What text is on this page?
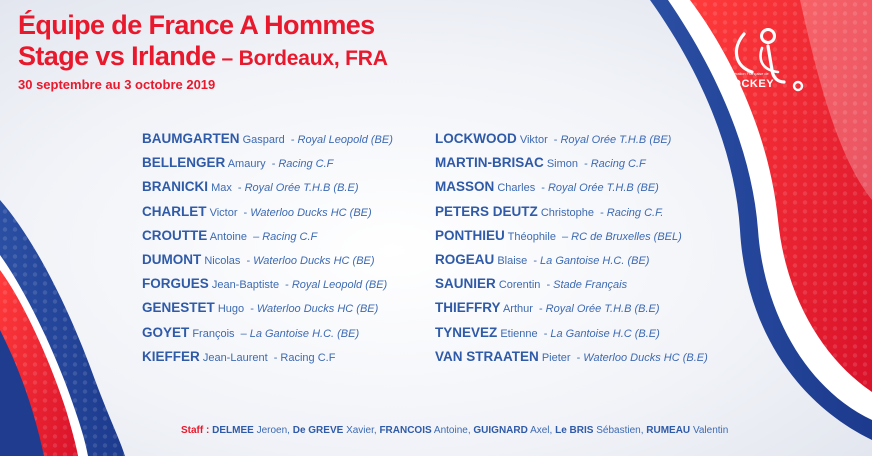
Équipe de France A Hommes
Stage vs Irlande – Bordeaux, FRA
30 septembre au 3 octobre 2019
BAUMGARTEN Gaspard - Royal Leopold (BE)
BELLENGER Amaury - Racing C.F
BRANICKI Max - Royal Orée T.H.B (B.E)
CHARLET Victor - Waterloo Ducks HC (BE)
CROUTTE Antoine – Racing C.F
DUMONT Nicolas - Waterloo Ducks HC (BE)
FORGUES Jean-Baptiste - Royal Leopold (BE)
GENESTET Hugo - Waterloo Ducks HC (BE)
GOYET François – La Gantoise H.C. (BE)
KIEFFER Jean-Laurent - Racing C.F
LOCKWOOD Viktor - Royal Orée T.H.B (BE)
MARTIN-BRISAC Simon - Racing C.F
MASSON Charles - Royal Orée T.H.B (BE)
PETERS DEUTZ Christophe - Racing C.F.
PONTHIEU Théophile – RC de Bruxelles (BEL)
ROGEAU Blaise - La Gantoise H.C. (BE)
SAUNIER Corentin - Stade Français
THIEFFRY Arthur - Royal Orée T.H.B (B.E)
TYNEVEZ Etienne - La Gantoise H.C (B.E)
VAN STRAATEN Pieter - Waterloo Ducks HC (B.E)
Staff : DELMEE Jeroen, De GREVE Xavier, FRANCOIS Antoine, GUIGNARD Axel, Le BRIS Sébastien, RUMEAU Valentin
Fédération Française de
HOCKEY
